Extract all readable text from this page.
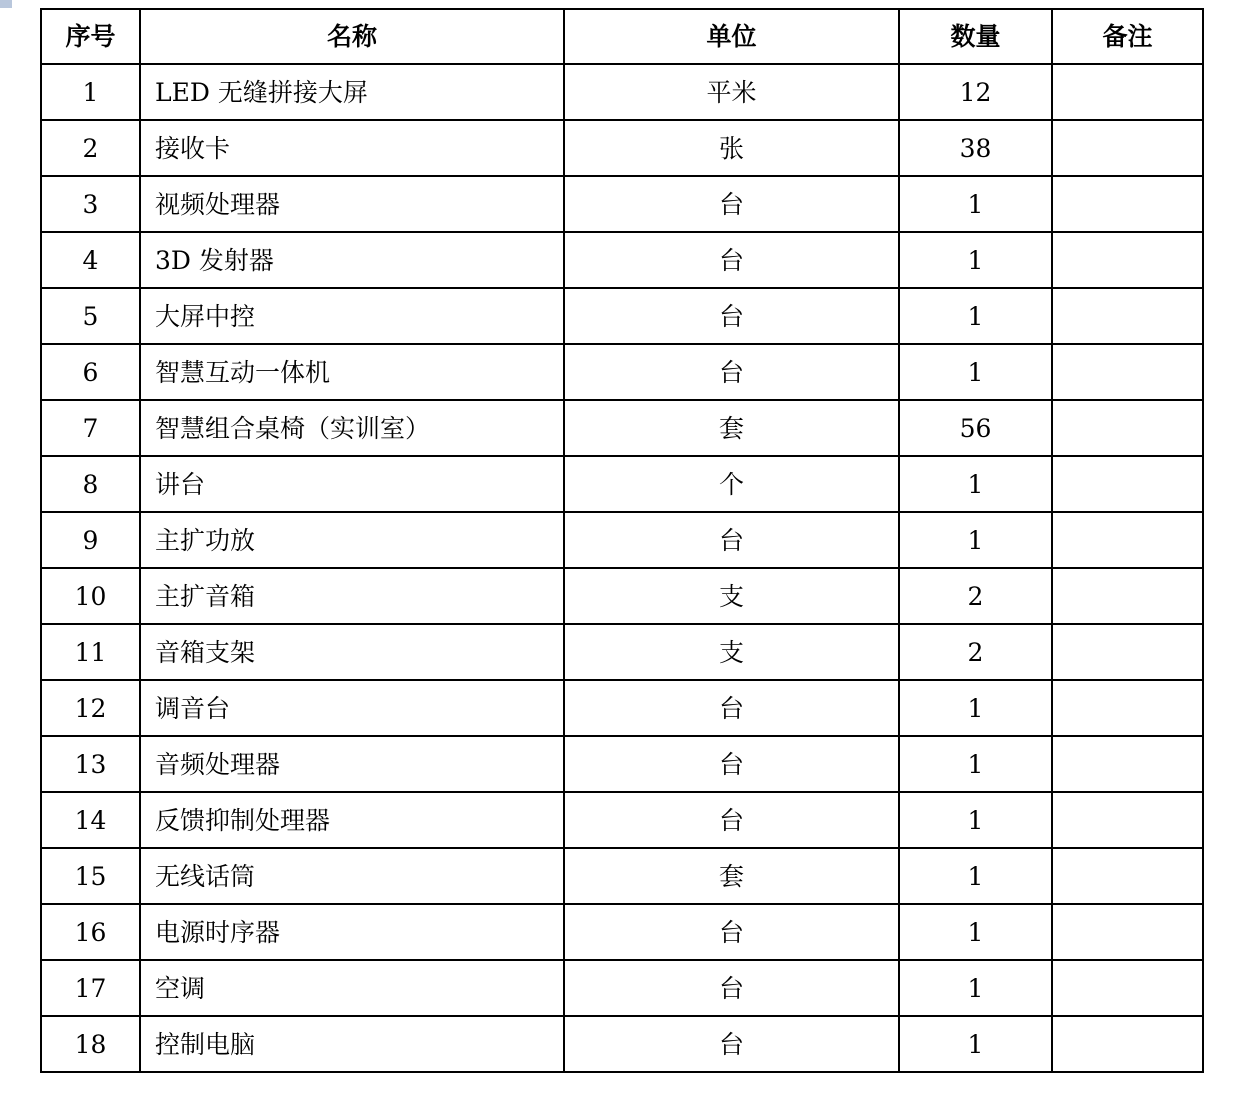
序号	名称	单位	数量	备注
1	LED 无缝拼接大屏	平米	12	
2	接收卡	张	38	
3	视频处理器	台	1	
4	3D 发射器	台	1	
5	大屏中控	台	1	
6	智慧互动一体机	台	1	
7	智慧组合桌椅（实训室）	套	56	
8	讲台	个	1	
9	主扩功放	台	1	
10	主扩音箱	支	2	
11	音箱支架	支	2	
12	调音台	台	1	
13	音频处理器	台	1	
14	反馈抑制处理器	台	1	
15	无线话筒	套	1	
16	电源时序器	台	1	
17	空调	台	1	
18	控制电脑	台	1	
